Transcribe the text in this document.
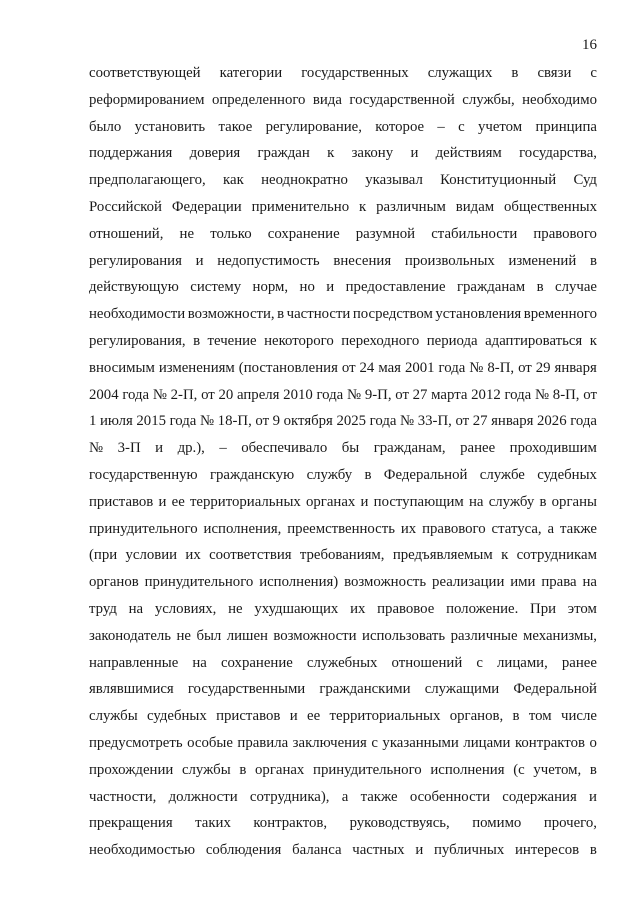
16
соответствующей категории государственных служащих в связи с
реформированием определенного вида государственной службы, необходимо
было установить такое регулирование, которое – с учетом принципа
поддержания доверия граждан к закону и действиям государства,
предполагающего, как неоднократно указывал Конституционный Суд
Российской Федерации применительно к различным видам общественных
отношений, не только сохранение разумной стабильности правового
регулирования и недопустимость внесения произвольных изменений в
действующую систему норм, но и предоставление гражданам в случае
необходимости возможности, в частности посредством установления временного
регулирования, в течение некоторого переходного периода адаптироваться к
вносимым изменениям (постановления от 24 мая 2001 года № 8-П, от 29 января
2004 года № 2-П, от 20 апреля 2010 года № 9-П, от 27 марта 2012 года № 8-П, от
1 июля 2015 года № 18-П, от 9 октября 2025 года № 33-П, от 27 января 2026 года
№ 3-П и др.), – обеспечивало бы гражданам, ранее проходившим
государственную гражданскую службу в Федеральной службе судебных
приставов и ее территориальных органах и поступающим на службу в органы
принудительного исполнения, преемственность их правового статуса, а также
(при условии их соответствия требованиям, предъявляемым к сотрудникам
органов принудительного исполнения) возможность реализации ими права на
труд на условиях, не ухудшающих их правовое положение. При этом
законодатель не был лишен возможности использовать различные механизмы,
направленные на сохранение служебных отношений с лицами, ранее
являвшимися государственными гражданскими служащими Федеральной
службы судебных приставов и ее территориальных органов, в том числе
предусмотреть особые правила заключения с указанными лицами контрактов о
прохождении службы в органах принудительного исполнения (с учетом, в
частности, должности сотрудника), а также особенности содержания и
прекращения таких контрактов, руководствуясь, помимо прочего,
необходимостью соблюдения баланса частных и публичных интересов в
